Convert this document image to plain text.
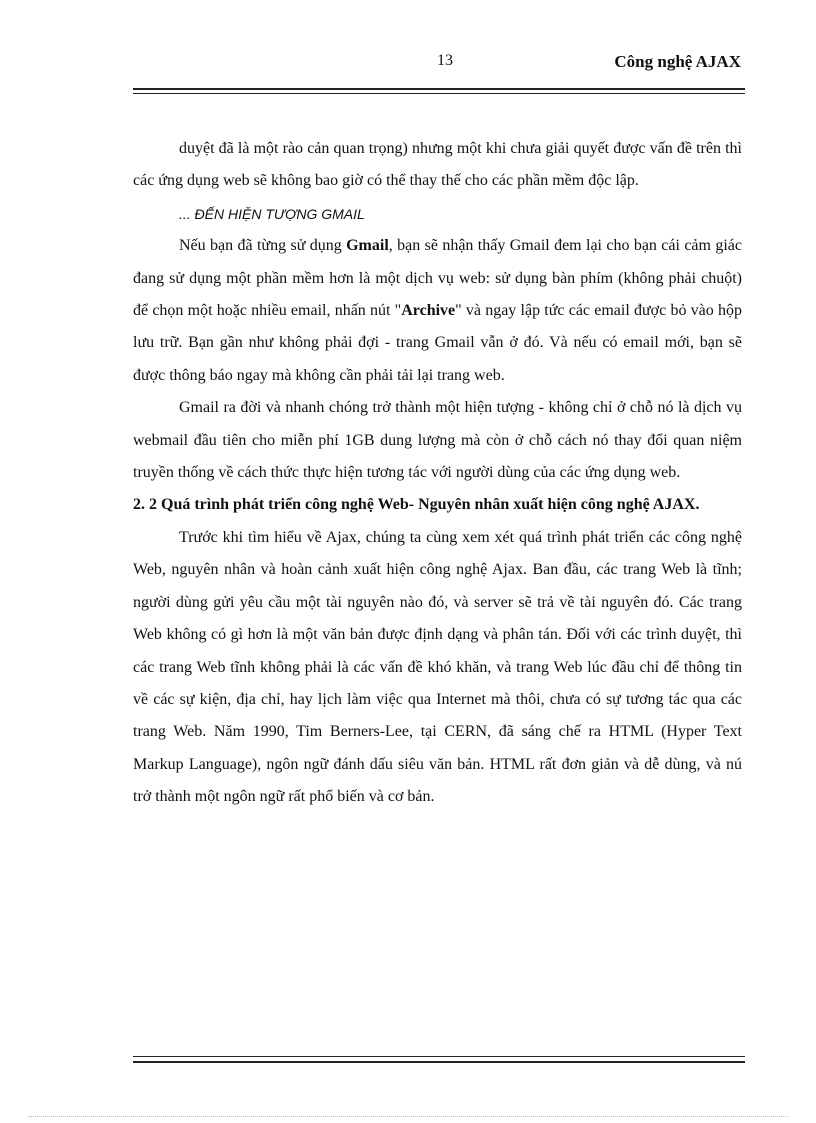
13	Công nghệ AJAX

duyệt đã là một rào cản quan trọng) nhưng một khi chưa giải quyết được vấn đề trên thì các ứng dụng web sẽ không bao giờ có thể thay thế cho các phần mềm độc lập.

... ĐẾN HIỆN TƯỢNG GMAIL

Nếu bạn đã từng sử dụng Gmail, bạn sẽ nhận thấy Gmail đem lại cho bạn cái cảm giác đang sử dụng một phần mềm hơn là một dịch vụ web: sử dụng bàn phím (không phải chuột) để chọn một hoặc nhiều email, nhấn nút "Archive" và ngay lập tức các email được bỏ vào hộp lưu trữ. Bạn gần như không phải đợi - trang Gmail vẫn ở đó. Và nếu có email mới, bạn sẽ được thông báo ngay mà không cần phải tải lại trang web.

Gmail ra đời và nhanh chóng trở thành một hiện tượng - không chỉ ở chỗ nó là dịch vụ webmail đầu tiên cho miễn phí 1GB dung lượng mà còn ở chỗ cách nó thay đổi quan niệm truyền thống về cách thức thực hiện tương tác với người dùng của các ứng dụng web.

2. 2 Quá trình phát triển công nghệ Web- Nguyên nhân xuất hiện công nghệ AJAX.

Trước khi tìm hiểu về Ajax, chúng ta cùng xem xét quá trình phát triển các công nghệ Web, nguyên nhân và hoàn cảnh xuất hiện công nghệ Ajax. Ban đầu, các trang Web là tĩnh; người dùng gửi yêu cầu một tài nguyên nào đó, và server sẽ trả về tài nguyên đó. Các trang Web không có gì hơn là một văn bản được định dạng và phân tán. Đối với các trình duyệt, thì các trang Web tĩnh không phải là các vấn đề khó khăn, và trang Web lúc đầu chỉ để thông tin về các sự kiện, địa chỉ, hay lịch làm việc qua Internet mà thôi, chưa có sự tương tác qua các trang Web. Năm 1990, Tim Berners-Lee, tại CERN, đã sáng chế ra HTML (Hyper Text Markup Language), ngôn ngữ đánh dấu siêu văn bản. HTML rất đơn giản và dễ dùng, và nú trở thành một ngôn ngữ rất phổ biến và cơ bản.
